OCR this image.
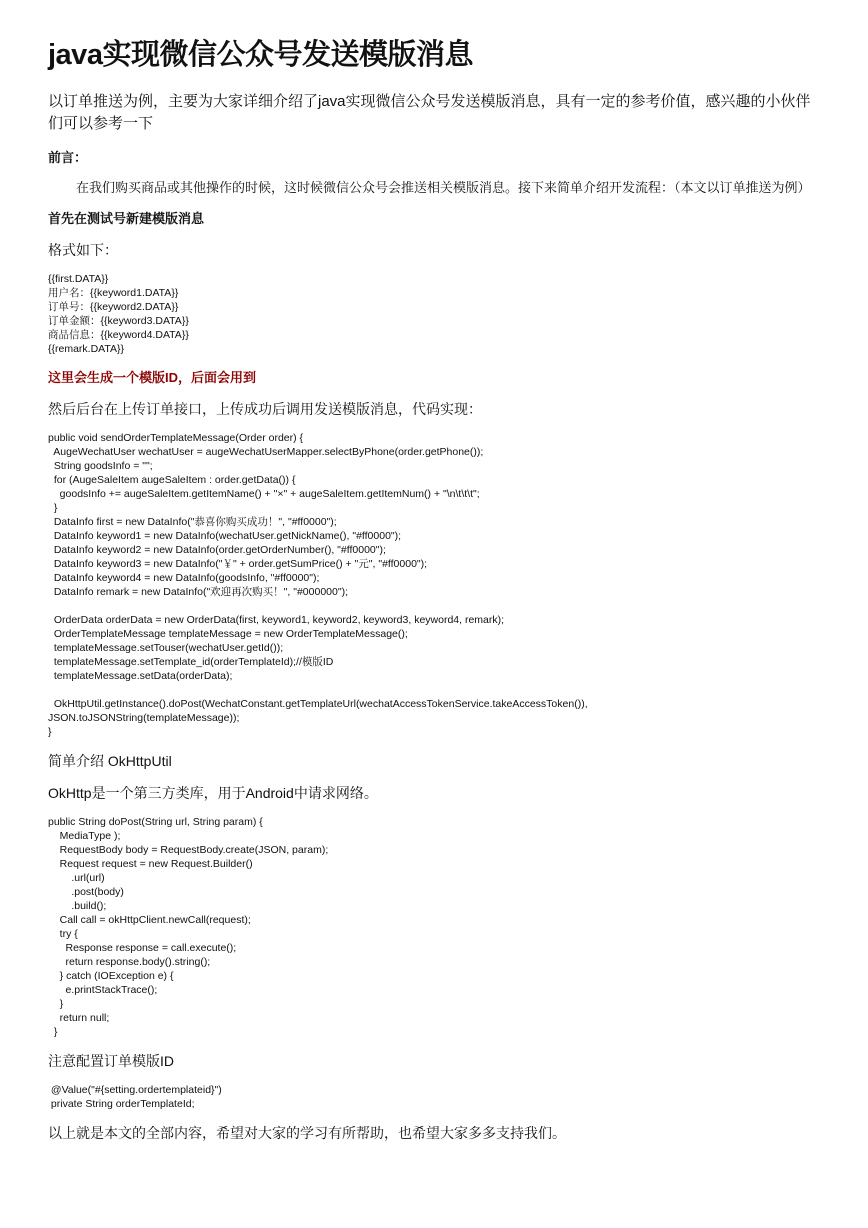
java实现微信公众号发送模版消息

以订单推送为例，主要为大家详细介绍了java实现微信公众号发送模版消息，具有一定的参考价值，感兴趣的小伙伴们可以参考一下

前言：

在我们购买商品或其他操作的时候，这时候微信公众号会推送相关模版消息。接下来简单介绍开发流程：（本文以订单推送为例）

首先在测试号新建模版消息

格式如下：

{{first.DATA}}
用户名：{{keyword1.DATA}}
订单号：{{keyword2.DATA}}
订单金额：{{keyword3.DATA}}
商品信息：{{keyword4.DATA}}
{{remark.DATA}}

这里会生成一个模版ID，后面会用到

然后后台在上传订单接口，上传成功后调用发送模版消息，代码实现：

public void sendOrderTemplateMessage(Order order) {
AugeWechatUser wechatUser = augeWechatUserMapper.selectByPhone(order.getPhone());
String goodsInfo = "";
for (AugeSaleItem augeSaleItem : order.getData()) {
goodsInfo += augeSaleItem.getItemName() + "×" + augeSaleItem.getItemNum() + "\n\t\t\t";
}
DataInfo first = new DataInfo("恭喜你购买成功！", "#ff0000");
DataInfo keyword1 = new DataInfo(wechatUser.getNickName(), "#ff0000");
DataInfo keyword2 = new DataInfo(order.getOrderNumber(), "#ff0000");
DataInfo keyword3 = new DataInfo("￥" + order.getSumPrice() + "元", "#ff0000");
DataInfo keyword4 = new DataInfo(goodsInfo, "#ff0000");
DataInfo remark = new DataInfo("欢迎再次购买！", "#000000");

OrderData orderData = new OrderData(first, keyword1, keyword2, keyword3, keyword4, remark);
OrderTemplateMessage templateMessage = new OrderTemplateMessage();
templateMessage.setTouser(wechatUser.getId());
templateMessage.setTemplate_id(orderTemplateId);//模版ID
templateMessage.setData(orderData);

OkHttpUtil.getInstance().doPost(WechatConstant.getTemplateUrl(wechatAccessTokenService.takeAccessToken()),
JSON.toJSONString(templateMessage));
}

简单介绍 OkHttpUtil

OkHttp是一个第三方类库，用于Android中请求网络。

public String doPost(String url, String param) {
MediaType );
RequestBody body = RequestBody.create(JSON, param);
Request request = new Request.Builder()
.url(url)
.post(body)
.build();
Call call = okHttpClient.newCall(request);
try {
Response response = call.execute();
return response.body().string();
} catch (IOException e) {
e.printStackTrace();
}
return null;
}

注意配置订单模版ID

@Value("#{setting.ordertemplateid}")
private String orderTemplateId;

以上就是本文的全部内容，希望对大家的学习有所帮助，也希望大家多多支持我们。
